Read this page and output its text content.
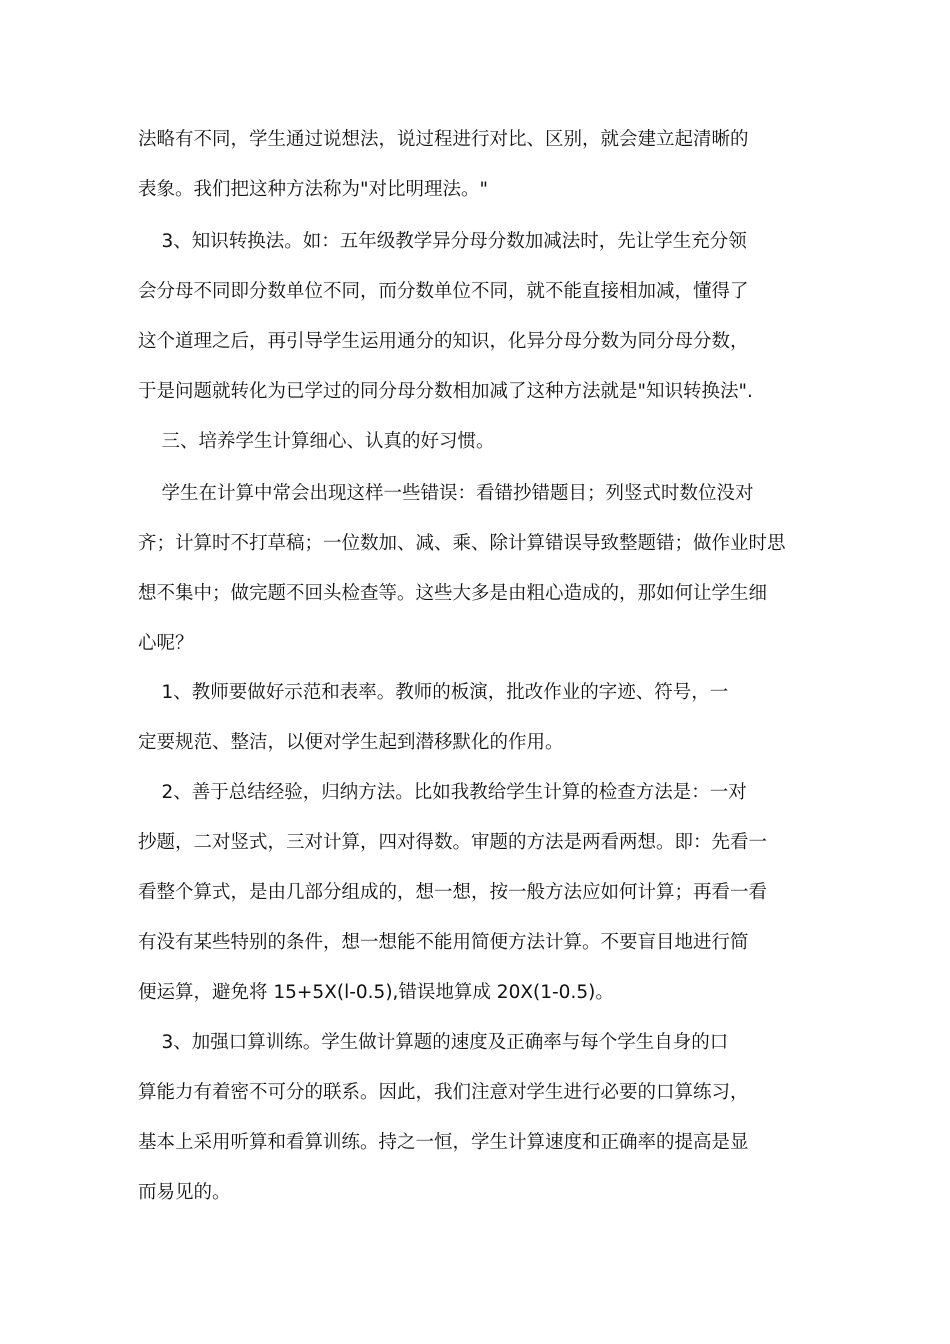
法略有不同，学生通过说想法，说过程进行对比、区别，就会建立起清晰的
表象。我们把这种方法称为"对比明理法。"
3、知识转换法。如：五年级教学异分母分数加减法时，先让学生充分领
会分母不同即分数单位不同，而分数单位不同，就不能直接相加减，懂得了
这个道理之后，再引导学生运用通分的知识，化异分母分数为同分母分数，
于是问题就转化为已学过的同分母分数相加减了这种方法就是"知识转换法".
三、培养学生计算细心、认真的好习惯。
学生在计算中常会出现这样一些错误：看错抄错题目；列竖式时数位没对
齐；计算时不打草稿；一位数加、减、乘、除计算错误导致整题错；做作业时思
想不集中；做完题不回头检查等。这些大多是由粗心造成的，那如何让学生细
心呢？
1、教师要做好示范和表率。教师的板演，批改作业的字迹、符号，一
定要规范、整洁，以便对学生起到潜移默化的作用。
2、善于总结经验，归纳方法。比如我教给学生计算的检查方法是：一对
抄题，二对竖式，三对计算，四对得数。审题的方法是两看两想。即：先看一
看整个算式，是由几部分组成的，想一想，按一般方法应如何计算；再看一看
有没有某些特别的条件，想一想能不能用简便方法计算。不要盲目地进行简
便运算，避免将 15+5X(l-0.5),错误地算成 20X(1-0.5)。
3、加强口算训练。学生做计算题的速度及正确率与每个学生自身的口
算能力有着密不可分的联系。因此，我们注意对学生进行必要的口算练习，
基本上采用听算和看算训练。持之一恒，学生计算速度和正确率的提高是显
而易见的。
